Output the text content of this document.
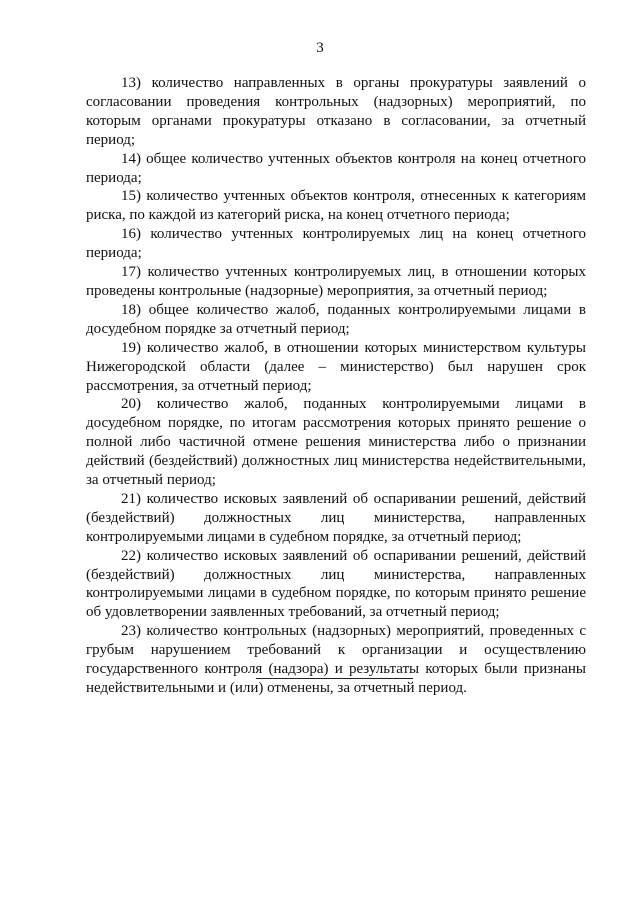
3

13) количество направленных в органы прокуратуры заявлений о согласовании проведения контрольных (надзорных) мероприятий, по которым органами прокуратуры отказано в согласовании, за отчетный период;

14) общее количество учтенных объектов контроля на конец отчетного периода;

15) количество учтенных объектов контроля, отнесенных к категориям риска, по каждой из категорий риска, на конец отчетного периода;

16) количество учтенных контролируемых лиц на конец отчетного периода;

17) количество учтенных контролируемых лиц, в отношении которых проведены контрольные (надзорные) мероприятия, за отчетный период;

18) общее количество жалоб, поданных контролируемыми лицами в досудебном порядке за отчетный период;

19) количество жалоб, в отношении которых министерством культуры Нижегородской области (далее – министерство) был нарушен срок рассмотрения, за отчетный период;

20) количество жалоб, поданных контролируемыми лицами в досудебном порядке, по итогам рассмотрения которых принято решение о полной либо частичной отмене решения министерства либо о признании действий (бездействий) должностных лиц министерства недействительными, за отчетный период;

21) количество исковых заявлений об оспаривании решений, действий (бездействий) должностных лиц министерства, направленных контролируемыми лицами в судебном порядке, за отчетный период;

22) количество исковых заявлений об оспаривании решений, действий (бездействий) должностных лиц министерства, направленных контролируемыми лицами в судебном порядке, по которым принято решение об удовлетворении заявленных требований, за отчетный период;

23) количество контрольных (надзорных) мероприятий, проведенных с грубым нарушением требований к организации и осуществлению государственного контроля (надзора) и результаты которых были признаны недействительными и (или) отменены, за отчетный период.
